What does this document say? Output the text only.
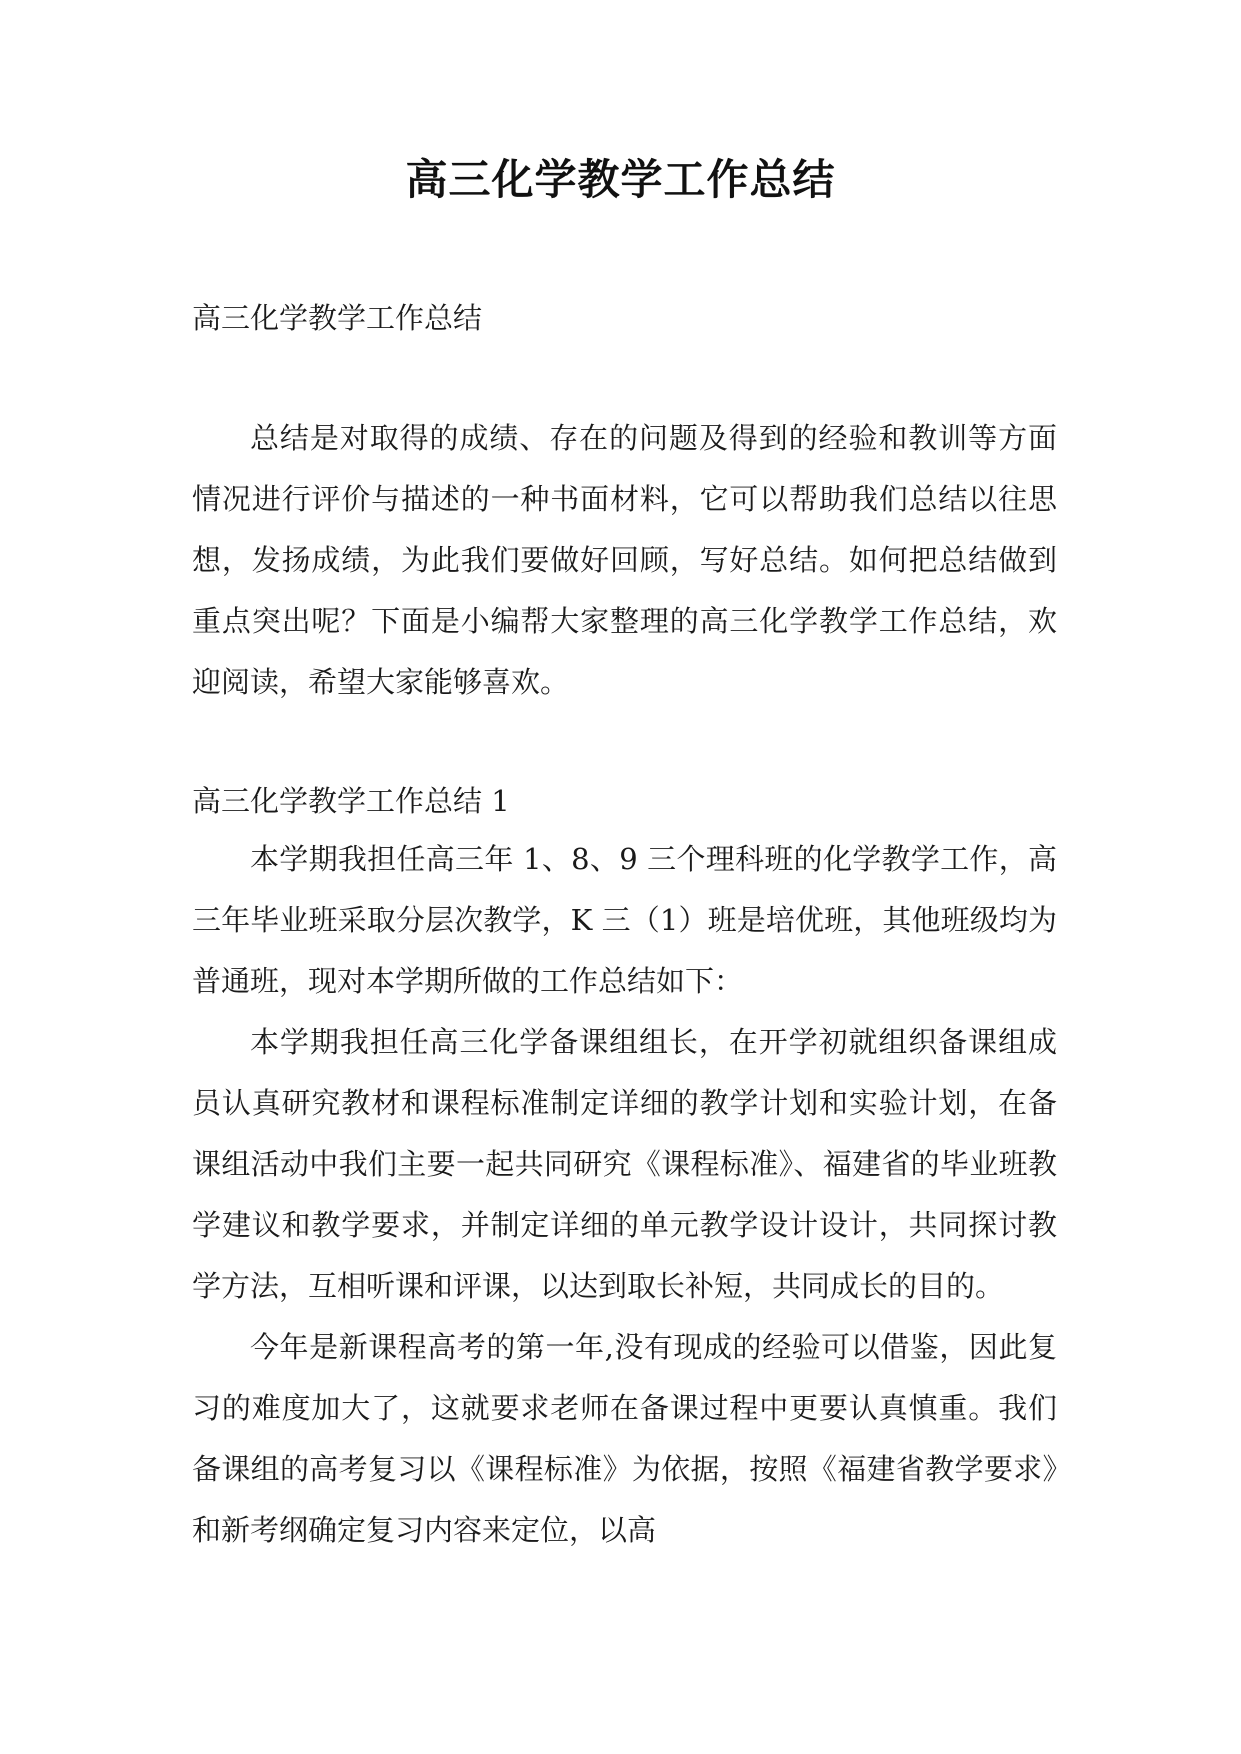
高三化学教学工作总结

高三化学教学工作总结

总结是对取得的成绩、存在的问题及得到的经验和教训等方面情况进行评价与描述的一种书面材料，它可以帮助我们总结以往思想，发扬成绩，为此我们要做好回顾，写好总结。如何把总结做到重点突出呢？下面是小编帮大家整理的高三化学教学工作总结，欢迎阅读，希望大家能够喜欢。

高三化学教学工作总结 1

本学期我担任高三年 1、8、9 三个理科班的化学教学工作，高三年毕业班采取分层次教学，K 三（1）班是培优班，其他班级均为普通班，现对本学期所做的工作总结如下：

本学期我担任高三化学备课组组长，在开学初就组织备课组成员认真研究教材和课程标准制定详细的教学计划和实验计划，在备课组活动中我们主要一起共同研究《课程标准》、福建省的毕业班教学建议和教学要求，并制定详细的单元教学设计设计，共同探讨教学方法，互相听课和评课，以达到取长补短，共同成长的目的。

今年是新课程高考的第一年,没有现成的经验可以借鉴，因此复习的难度加大了，这就要求老师在备课过程中更要认真慎重。我们备课组的高考复习以《课程标准》为依据，按照《福建省教学要求》和新考纲确定复习内容来定位，以高
